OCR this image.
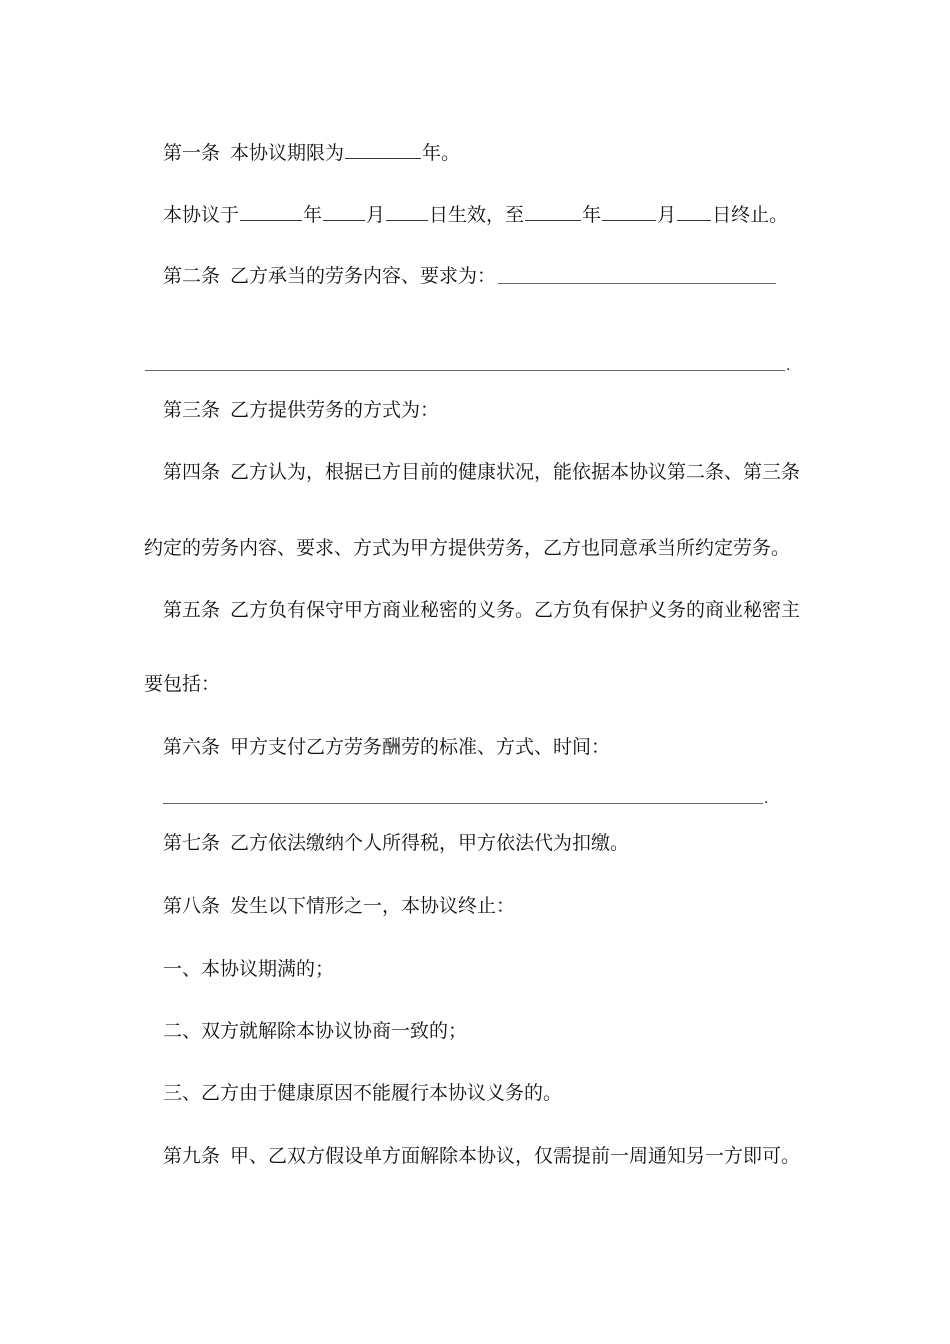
第一条 本协议期限为	年。
本协议于	年 月 日生效，至	年	月 日终止。
第二条 乙方承当的劳务内容、要求为：
.
第三条 乙方提供劳务的方式为：
第四条 乙方认为，根据已方目前的健康状况，能依据本协议第二条、第三条
约定的劳务内容、要求、方式为甲方提供劳务，乙方也同意承当所约定劳务。
第五条 乙方负有保守甲方商业秘密的义务。乙方负有保护义务的商业秘密主
要包括：
第六条 甲方支付乙方劳务酬劳的标准、方式、时间：
.
第七条 乙方依法缴纳个人所得税，甲方依法代为扣缴。
第八条 发生以下情形之一，本协议终止：
一、本协议期满的；
二、双方就解除本协议协商一致的；
三、乙方由于健康原因不能履行本协议义务的。
第九条 甲、乙双方假设单方面解除本协议，仅需提前一周通知另一方即可。
